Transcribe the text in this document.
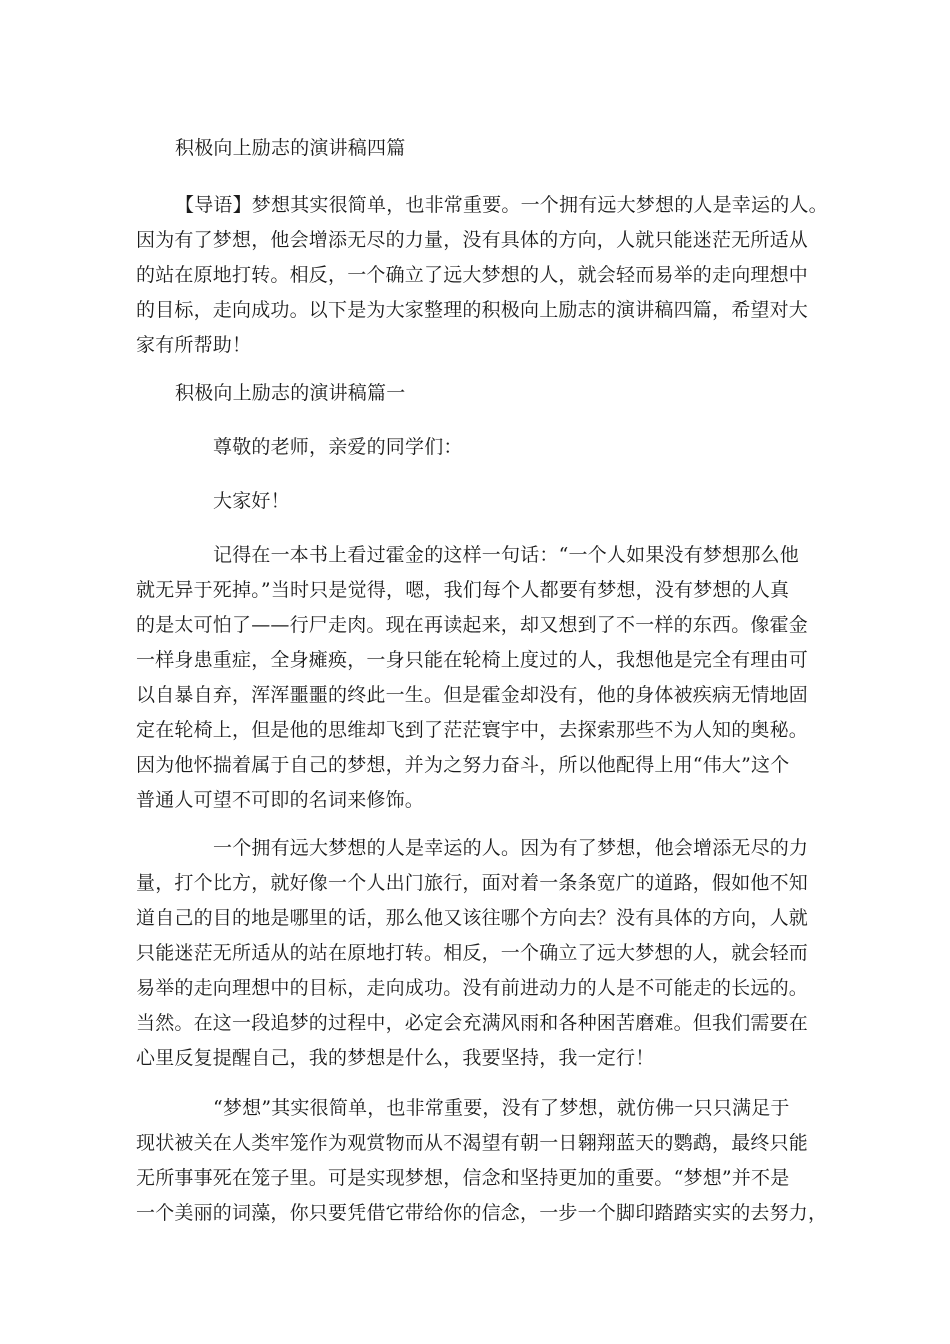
积极向上励志的演讲稿四篇

【导语】梦想其实很简单，也非常重要。一个拥有远大梦想的人是幸运的人。

因为有了梦想，他会增添无尽的力量，没有具体的方向，人就只能迷茫无所适从

的站在原地打转。相反，一个确立了远大梦想的人，就会轻而易举的走向理想中

的目标，走向成功。以下是为大家整理的积极向上励志的演讲稿四篇，希望对大

家有所帮助！

积极向上励志的演讲稿篇一

尊敬的老师，亲爱的同学们：

大家好！

记得在一本书上看过霍金的这样一句话：“一个人如果没有梦想那么他

就无异于死掉。”当时只是觉得，嗯，我们每个人都要有梦想，没有梦想的人真

的是太可怕了——行尸走肉。现在再读起来，却又想到了不一样的东西。像霍金

一样身患重症，全身瘫痪，一身只能在轮椅上度过的人，我想他是完全有理由可

以自暴自弃，浑浑噩噩的终此一生。但是霍金却没有，他的身体被疾病无情地固

定在轮椅上，但是他的思维却飞到了茫茫寰宇中，去探索那些不为人知的奥秘。

因为他怀揣着属于自己的梦想，并为之努力奋斗，所以他配得上用“伟大”这个

普通人可望不可即的名词来修饰。

一个拥有远大梦想的人是幸运的人。因为有了梦想，他会增添无尽的力

量，打个比方，就好像一个人出门旅行，面对着一条条宽广的道路，假如他不知

道自己的目的地是哪里的话，那么他又该往哪个方向去？没有具体的方向，人就

只能迷茫无所适从的站在原地打转。相反，一个确立了远大梦想的人，就会轻而

易举的走向理想中的目标，走向成功。没有前进动力的人是不可能走的长远的。

当然。在这一段追梦的过程中，必定会充满风雨和各种困苦磨难。但我们需要在

心里反复提醒自己，我的梦想是什么，我要坚持，我一定行！

“梦想”其实很简单，也非常重要，没有了梦想，就仿佛一只只满足于

现状被关在人类牢笼作为观赏物而从不渴望有朝一日翱翔蓝天的鹦鹉，最终只能

无所事事死在笼子里。可是实现梦想，信念和坚持更加的重要。“梦想”并不是

一个美丽的词藻，你只要凭借它带给你的信念，一步一个脚印踏踏实实的去努力，
